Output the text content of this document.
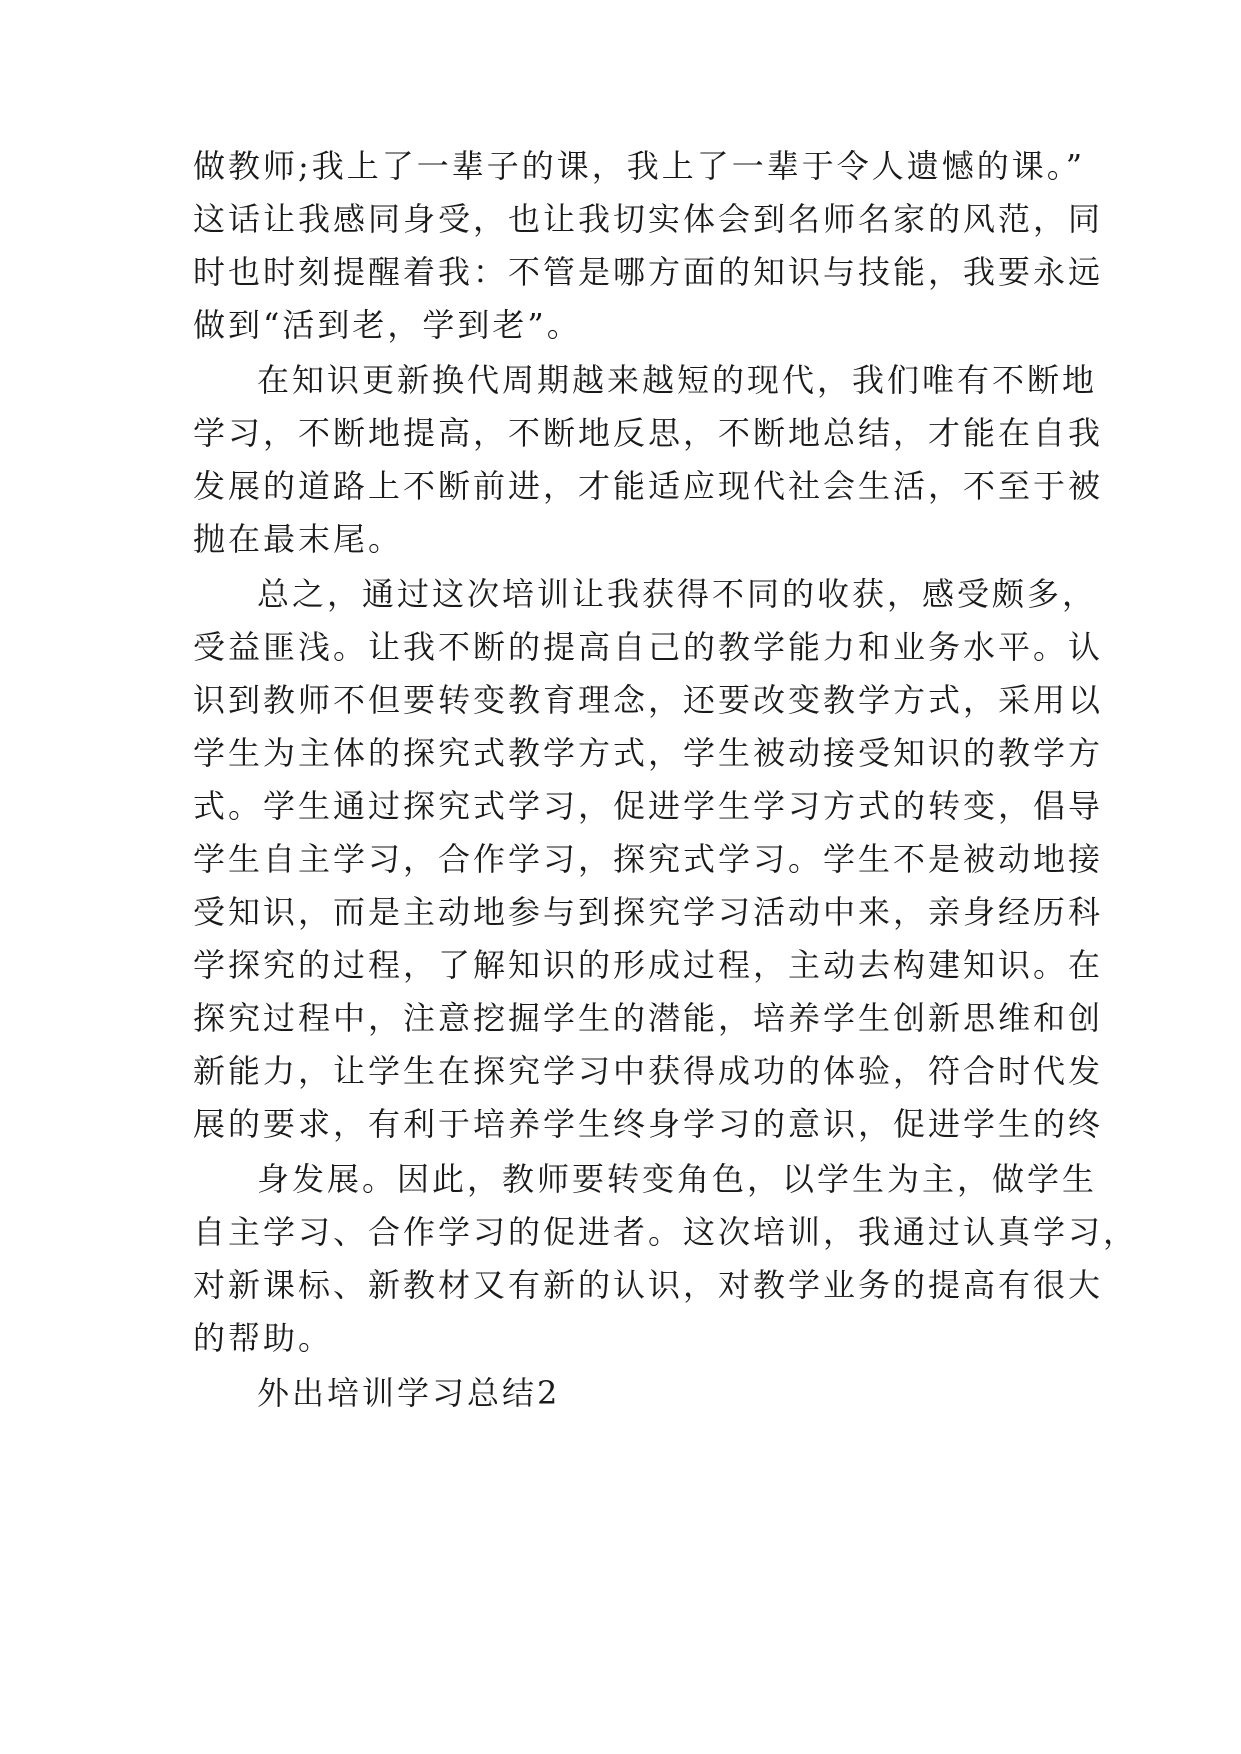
做教师;我上了一辈子的课，我上了一辈于令人遗憾的课。”
这话让我感同身受，也让我切实体会到名师名家的风范，同
时也时刻提醒着我：不管是哪方面的知识与技能，我要永远
做到“活到老，学到老”。
在知识更新换代周期越来越短的现代，我们唯有不断地
学习，不断地提高，不断地反思，不断地总结，才能在自我
发展的道路上不断前进，才能适应现代社会生活，不至于被
抛在最末尾。
总之，通过这次培训让我获得不同的收获，感受颇多，
受益匪浅。让我不断的提高自己的教学能力和业务水平。认
识到教师不但要转变教育理念，还要改变教学方式，采用以
学生为主体的探究式教学方式，学生被动接受知识的教学方
式。学生通过探究式学习，促进学生学习方式的转变，倡导
学生自主学习，合作学习，探究式学习。学生不是被动地接
受知识，而是主动地参与到探究学习活动中来，亲身经历科
学探究的过程，了解知识的形成过程，主动去构建知识。在
探究过程中，注意挖掘学生的潜能，培养学生创新思维和创
新能力，让学生在探究学习中获得成功的体验，符合时代发
展的要求，有利于培养学生终身学习的意识，促进学生的终
身发展。因此，教师要转变角色，以学生为主，做学生
自主学习、合作学习的促进者。这次培训，我通过认真学习，
对新课标、新教材又有新的认识，对教学业务的提高有很大
的帮助。
外出培训学习总结2
